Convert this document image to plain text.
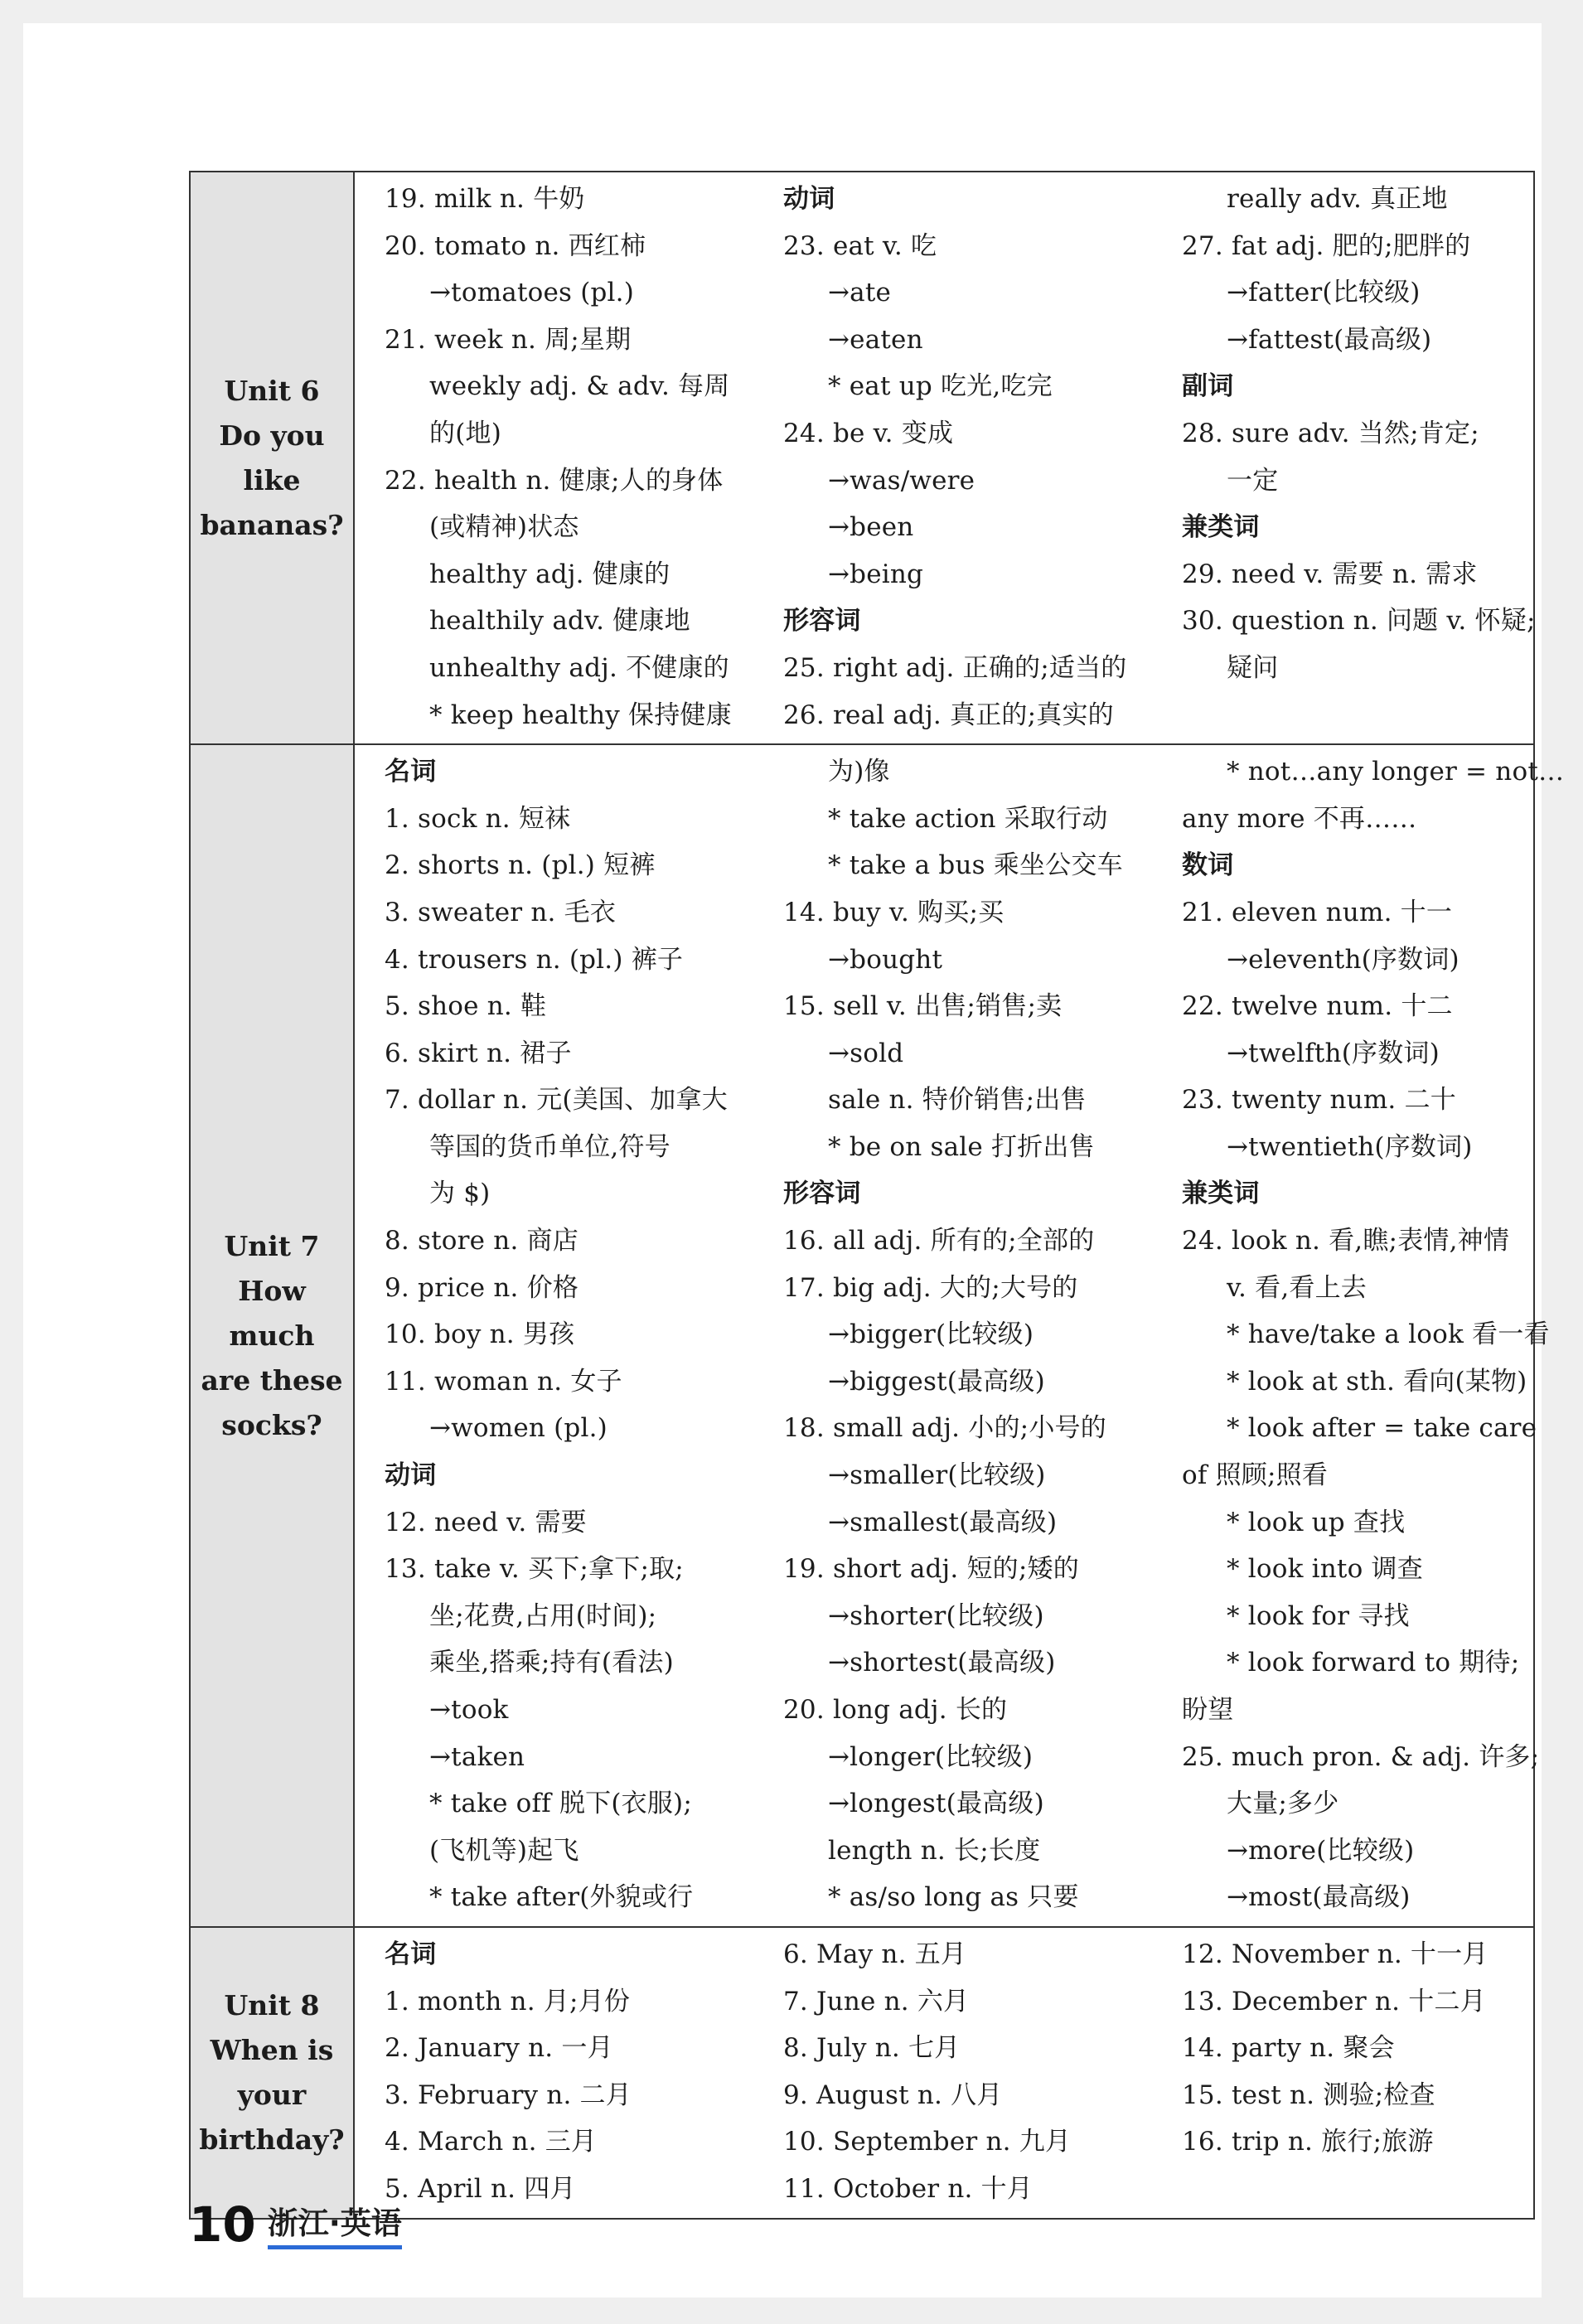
Unit 6
Do you
like
bananas?
19. milk n. 牛奶
20. tomato n. 西红柿
→tomatoes (pl.)
21. week n. 周;星期
weekly adj. & adv. 每周
的(地)
22. health n. 健康;人的身体
(或精神)状态
healthy adj. 健康的
healthily adv. 健康地
unhealthy adj. 不健康的
* keep healthy 保持健康
动词
23. eat v. 吃
→ate
→eaten
* eat up 吃光,吃完
24. be v. 变成
→was/were
→been
→being
形容词
25. right adj. 正确的;适当的
26. real adj. 真正的;真实的
really adv. 真正地
27. fat adj. 肥的;肥胖的
→fatter(比较级)
→fattest(最高级)
副词
28. sure adv. 当然;肯定;
一定
兼类词
29. need v. 需要 n. 需求
30. question n. 问题 v. 怀疑;
疑问

Unit 7
How much
are these
socks?
名词
1. sock n. 短袜
2. shorts n. (pl.) 短裤
3. sweater n. 毛衣
4. trousers n. (pl.) 裤子
5. shoe n. 鞋
6. skirt n. 裙子
7. dollar n. 元(美国、加拿大
等国的货币单位,符号
为 $)
8. store n. 商店
9. price n. 价格
10. boy n. 男孩
11. woman n. 女子
→women (pl.)
动词
12. need v. 需要
13. take v. 买下;拿下;取;
坐;花费,占用(时间);
乘坐,搭乘;持有(看法)
→took
→taken
* take off 脱下(衣服);
(飞机等)起飞
* take after(外貌或行
为)像
* take action 采取行动
* take a bus 乘坐公交车
14. buy v. 购买;买
→bought
15. sell v. 出售;销售;卖
→sold
sale n. 特价销售;出售
* be on sale 打折出售
形容词
16. all adj. 所有的;全部的
17. big adj. 大的;大号的
→bigger(比较级)
→biggest(最高级)
18. small adj. 小的;小号的
→smaller(比较级)
→smallest(最高级)
19. short adj. 短的;矮的
→shorter(比较级)
→shortest(最高级)
20. long adj. 长的
→longer(比较级)
→longest(最高级)
length n. 长;长度
* as/so long as 只要
* not…any longer = not…
any more 不再……
数词
21. eleven num. 十一
→eleventh(序数词)
22. twelve num. 十二
→twelfth(序数词)
23. twenty num. 二十
→twentieth(序数词)
兼类词
24. look n. 看,瞧;表情,神情
v. 看,看上去
* have/take a look 看一看
* look at sth. 看向(某物)
* look after = take care
of 照顾;照看
* look up 查找
* look into 调查
* look for 寻找
* look forward to 期待;
盼望
25. much pron. & adj. 许多;
大量;多少
→more(比较级)
→most(最高级)
Unit 8
When is
your
birthday?
名词
1. month n. 月;月份
2. January n. 一月
3. February n. 二月
4. March n. 三月
5. April n. 四月
6. May n. 五月
7. June n. 六月
8. July n. 七月
9. August n. 八月
10. September n. 九月
11. October n. 十月
12. November n. 十一月
13. December n. 十二月
14. party n. 聚会
15. test n. 测验;检查
16. trip n. 旅行;旅游

10 浙江·英语
